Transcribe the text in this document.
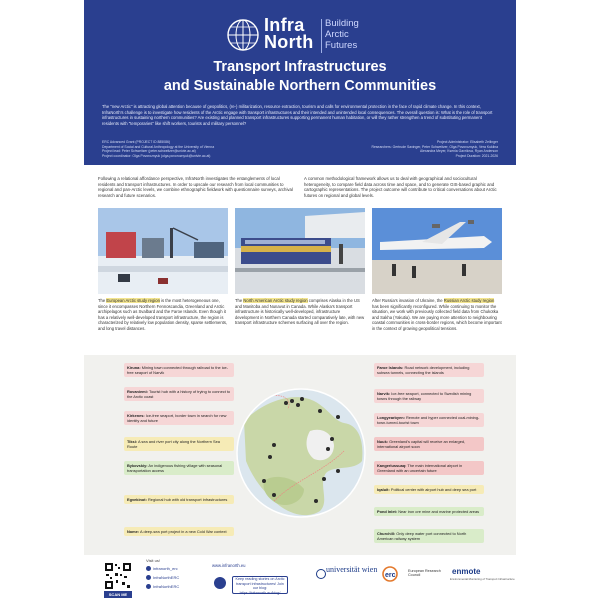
Infra
North
Building
Arctic
Futures
Transport Infrastructures
and Sustainable Northern Communities
The "new Arctic" is attracting global attention because of geopolitics, (re-) militarization, resource extraction, tourism and calls for environmental protection in the face of rapid climate change. In this context, InfraNorth's challenge is to investigate how residents of the Arctic engage with transport infrastructures and their intended and unintended local consequences. The overall question is: What is the role of transport infrastructures in sustaining northern communities? Are existing and planned transport infrastructures supporting permanent human habitation, or will they rather strengthen a trend of substituting permanent residents with "temporaries" like shift workers, tourists and military personnel?
ERC Advanced Grant (PROJECT ID 885086)
Department of Social and Cultural Anthropology at the University of Vienna
Project lead: Peter Schweitzer (peter.schweitzer@univie.ac.at)
Project coordinator: Olga Povoroznyuk (olga.povoroznyuk@univie.ac.at)
Project Administrator: Elisabeth Zeilinger
Researchers: Gertrude Saxinger, Peter Schweitzer, Olga Povoroznyuk, Vera Kuklina
Alexandra Meyer, Ksenia Gavrilova, Ryan Anderson
Project Duration: 2021-2026
Following a relational affordance perspective, InfraNorth investigates the entanglements of local residents and transport infrastructures. In order to upscale our research from local communities to regional and pan-Arctic levels, we combine ethnographic fieldwork with questionnaire surveys, archival research and future scenarios.
A common methodological framework allows us to deal with geographical and sociocultural heterogeneity, to compare field data across time and space, and to generate GIS-based graphic and cartographic representations. The project outcome will contribute to critical conversations about Arctic futures on regional and global levels.
The European Arctic study region is the most heterogeneous one, since it encompasses Northern Fennoscandia, Greenland and Arctic archipelagos such as Svalbard and the Faroe Islands. Even though it has a relatively well-developed transport infrastructure, the region is characterized by relatively low population density, sparse settlements, and long travel distances.
The North American Arctic study region comprises Alaska in the US and Manitoba and Nunavut in Canada. While Alaska's transport infrastructure is historically well-developed, infrastructure development in Northern Canada started comparatively late, with new transport infrastructure schemes surfacing all over the region.
After Russia's invasion of Ukraine, the Russian Arctic study region has been significantly reconfigured. While continuing to monitor the situation, we work with previously collected field data from Chukotka and Sakha (Yakutia). We are paying more attention to neighbouring coastal communities in cross-border regions, which become important in the context of growing geopolitical tensions.
Kiruna: Mining town connected through railroad to the ice-free seaport of Narvik
Rovaniemi: Tourist hub with a history of trying to connect to the Arctic coast
Kirkenes: Ice-free seaport, border town in search for new identity and future
Tiksi: A sea and river port city along the Northern Sea Route
Bykovskiy: An indigenous fishing village with seasonal transportation access
Egvekinot: Regional hub with old transport infrastructures
Nome: A deep-sea port project in a new Cold War context
Faroe Islands: Road network development, including subsea tunnels, connecting the islands
Narvik: Ice-free seaport, connected to Swedish mining towns through the railway
Longyearbyen: Remote and hyper connected coal-mining-town-turned-tourist town
Nuuk: Greenland's capital will receive an enlarged, international airport soon
Kangerlussuaq: The main international airport in Greenland with an uncertain future
Iqaluit: Political center with airport hub and deep sea port
Pond Inlet: Near iron ore mine and marine protected areas
Churchill: Only deep water port connected to North American railway system
SCAN ME
Visit us!
infranorth_erc
InfraNorthERC
InfraNorthERC
www.infranorth.eu
Keep reading stories on Arctic transport infrastructures! Join our blog: https://infranorth.eu/blog/
universität wien
erc
European Research Council	enmote
Environmental Monitoring of Transport Infrastructure
